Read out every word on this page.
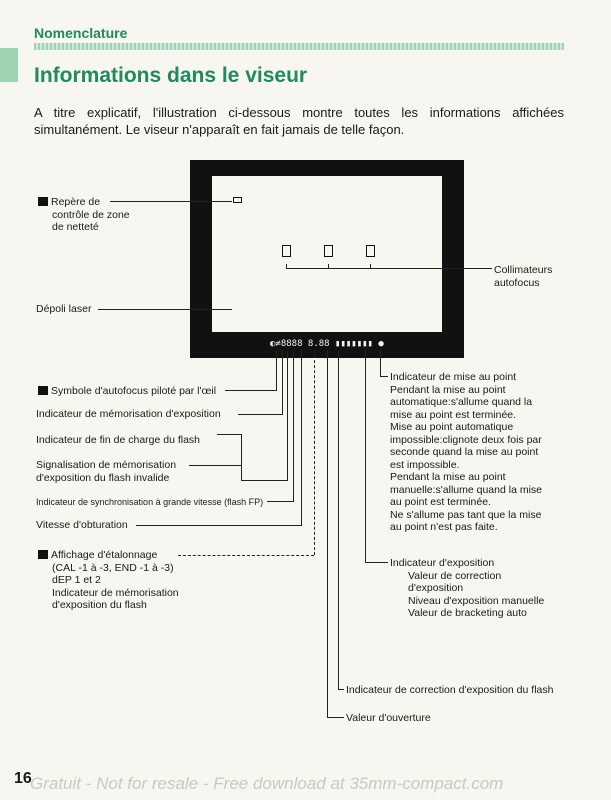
Nomenclature
Informations dans le viseur
A titre explicatif, l'illustration ci-dessous montre toutes les informations affichées simultanément. Le viseur n'apparaît en fait jamais de telle façon.
◐≠8888 8.88 ▮▮▮▮▮▮▮ ●
Repère de
contrôle de zone
de netteté
Dépoli laser
Symbole d'autofocus piloté par l'œil
Indicateur de mémorisation d'exposition
Indicateur de fin de charge du flash
Signalisation de mémorisation
d'exposition du flash invalide
Indicateur de synchronisation à grande vitesse (flash FP)
Vitesse d'obturation
Affichage d'étalonnage
(CAL -1 à -3, END -1 à -3)
dEP 1 et 2
Indicateur de mémorisation
d'exposition du flash
Collimateurs
autofocus
Indicateur de mise au point
Pendant la mise au point
automatique:s'allume quand la
mise au point est terminée.
Mise au point automatique
impossible:clignote deux fois par
seconde quand la mise au point
est impossible.
Pendant la mise au point
manuelle:s'allume quand la mise
au point est terminée.
Ne s'allume pas tant que la mise
au point n'est pas faite.
Indicateur d'exposition
Valeur de correction
d'exposition
Niveau d'exposition manuelle
Valeur de bracketing auto
Indicateur de correction d'exposition du flash
Valeur d'ouverture
16
Gratuit - Not for resale - Free download at 35mm-compact.com
